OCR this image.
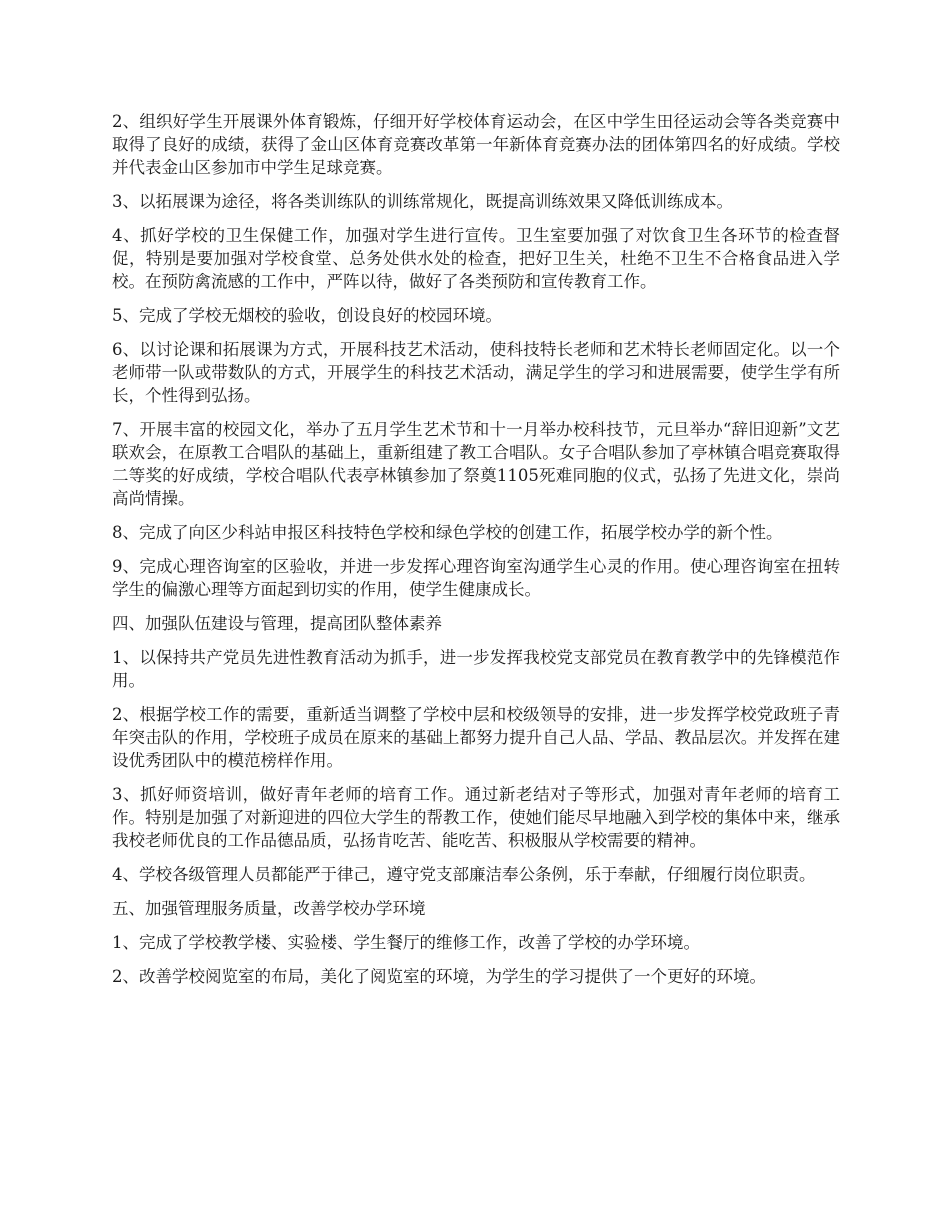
2、组织好学生开展课外体育锻炼，仔细开好学校体育运动会，在区中学生田径运动会等各类竞赛中取得了良好的成绩，获得了金山区体育竞赛改革第一年新体育竞赛办法的团体第四名的好成绩。学校并代表金山区参加市中学生足球竞赛。

3、以拓展课为途径，将各类训练队的训练常规化，既提高训练效果又降低训练成本。

4、抓好学校的卫生保健工作，加强对学生进行宣传。卫生室要加强了对饮食卫生各环节的检查督促，特别是要加强对学校食堂、总务处供水处的检查，把好卫生关，杜绝不卫生不合格食品进入学校。在预防禽流感的工作中，严阵以待，做好了各类预防和宣传教育工作。

5、完成了学校无烟校的验收，创设良好的校园环境。

6、以讨论课和拓展课为方式，开展科技艺术活动，使科技特长老师和艺术特长老师固定化。以一个老师带一队或带数队的方式，开展学生的科技艺术活动，满足学生的学习和进展需要，使学生学有所长，个性得到弘扬。

7、开展丰富的校园文化，举办了五月学生艺术节和十一月举办校科技节，元旦举办“辞旧迎新”文艺联欢会，在原教工合唱队的基础上，重新组建了教工合唱队。女子合唱队参加了亭林镇合唱竞赛取得二等奖的好成绩，学校合唱队代表亭林镇参加了祭奠1105死难同胞的仪式，弘扬了先进文化，崇尚高尚情操。

8、完成了向区少科站申报区科技特色学校和绿色学校的创建工作，拓展学校办学的新个性。

9、完成心理咨询室的区验收，并进一步发挥心理咨询室沟通学生心灵的作用。使心理咨询室在扭转学生的偏激心理等方面起到切实的作用，使学生健康成长。

四、加强队伍建设与管理，提高团队整体素养

1、以保持共产党员先进性教育活动为抓手，进一步发挥我校党支部党员在教育教学中的先锋模范作用。

2、根据学校工作的需要，重新适当调整了学校中层和校级领导的安排，进一步发挥学校党政班子青年突击队的作用，学校班子成员在原来的基础上都努力提升自己人品、学品、教品层次。并发挥在建设优秀团队中的模范榜样作用。

3、抓好师资培训，做好青年老师的培育工作。通过新老结对子等形式，加强对青年老师的培育工作。特别是加强了对新迎进的四位大学生的帮教工作，使她们能尽早地融入到学校的集体中来，继承我校老师优良的工作品德品质，弘扬肯吃苦、能吃苦、积极服从学校需要的精神。

4、学校各级管理人员都能严于律己，遵守党支部廉洁奉公条例，乐于奉献，仔细履行岗位职责。

五、加强管理服务质量，改善学校办学环境

1、完成了学校教学楼、实验楼、学生餐厅的维修工作，改善了学校的办学环境。

2、改善学校阅览室的布局，美化了阅览室的环境，为学生的学习提供了一个更好的环境。
